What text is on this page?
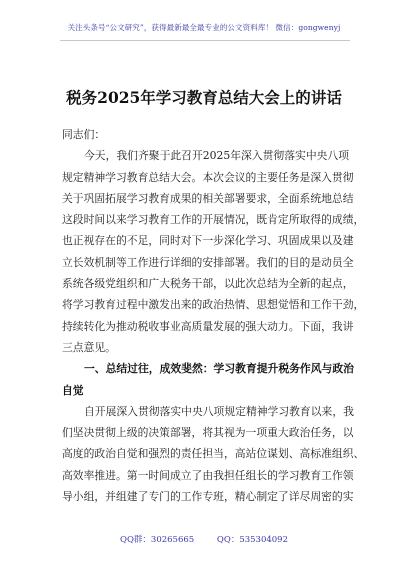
关注头条号“公文研究”，获得最新最全最专业的公文资料库！ 微信：gongwenyj
税务2025年学习教育总结大会上的讲话
同志们：
今天，我们齐聚于此召开2025年深入贯彻落实中央八项
规定精神学习教育总结大会。本次会议的主要任务是深入贯彻
关于巩固拓展学习教育成果的相关部署要求，全面系统地总结
这段时间以来学习教育工作的开展情况，既肯定所取得的成绩，
也正视存在的不足，同时对下一步深化学习、巩固成果以及建
立长效机制等工作进行详细的安排部署。我们的目的是动员全
系统各级党组织和广大税务干部，以此次总结为全新的起点，
将学习教育过程中激发出来的政治热情、思想觉悟和工作干劲，
持续转化为推动税收事业高质量发展的强大动力。下面，我讲
三点意见。
一、总结过往，成效斐然：学习教育提升税务作风与政治
自觉
自开展深入贯彻落实中央八项规定精神学习教育以来，我
们坚决贯彻上级的决策部署，将其视为一项重大政治任务，以
高度的政治自觉和强烈的责任担当，高站位谋划、高标准组织、
高效率推进。第一时间成立了由我担任组长的学习教育工作领
导小组，并组建了专门的工作专班，精心制定了详尽周密的实
QQ群：30265665	QQ：535304092
